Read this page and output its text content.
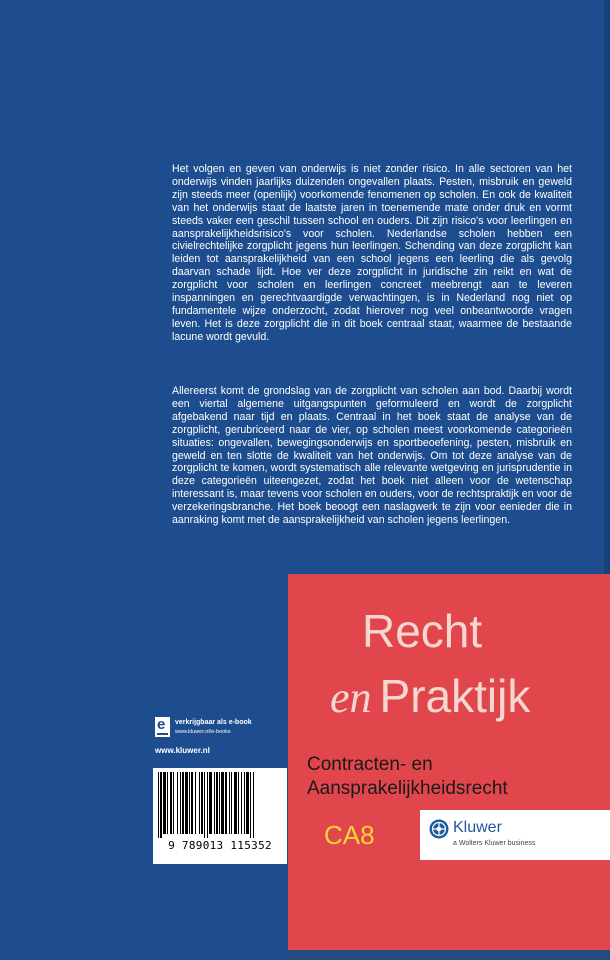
Het volgen en geven van onderwijs is niet zonder risico. In alle sectoren van het onderwijs vinden jaarlijks duizenden ongevallen plaats. Pesten, misbruik en geweld zijn steeds meer (openlijk) voorkomende fenomenen op scholen. En ook de kwaliteit van het onderwijs staat de laatste jaren in toenemende mate onder druk en vormt steeds vaker een geschil tussen school en ouders. Dit zijn risico's voor leerlingen en aansprakelijkheidsrisico's voor scholen. Nederlandse scholen hebben een civielrechtelijke zorgplicht jegens hun leerlingen. Schending van deze zorgplicht kan leiden tot aansprakelijkheid van een school jegens een leerling die als gevolg daarvan schade lijdt. Hoe ver deze zorgplicht in juridische zin reikt en wat de zorgplicht voor scholen en leerlingen concreet meebrengt aan te leveren inspanningen en gerechtvaardigde verwachtingen, is in Nederland nog niet op fundamentele wijze onderzocht, zodat hierover nog veel onbeantwoorde vragen leven. Het is deze zorgplicht die in dit boek centraal staat, waarmee de bestaande lacune wordt gevuld.

Allereerst komt de grondslag van de zorgplicht van scholen aan bod. Daarbij wordt een viertal algemene uitgangspunten geformuleerd en wordt de zorgplicht afgebakend naar tijd en plaats. Centraal in het boek staat de analyse van de zorgplicht, gerubriceerd naar de vier, op scholen meest voorkomende categorieën situaties: ongevallen, bewegingsonderwijs en sportbeoefening, pesten, misbruik en geweld en ten slotte de kwaliteit van het onderwijs. Om tot deze analyse van de zorgplicht te komen, wordt systematisch alle relevante wetgeving en jurisprudentie in deze categorieën uiteengezet, zodat het boek niet alleen voor de wetenschap interessant is, maar tevens voor scholen en ouders, voor de rechtspraktijk en voor de verzekeringsbranche. Het boek beoogt een naslagwerk te zijn voor eenieder die in aanraking komt met de aansprakelijkheid van scholen jegens leerlingen.

e verkrijgbaar als e-book
www.kluwer.nl/e-books
www.kluwer.nl
9 789013 115352
Recht
en Praktijk
Contracten- en
Aansprakelijkheidsrecht
CA8	Kluwer
a Wolters Kluwer business
